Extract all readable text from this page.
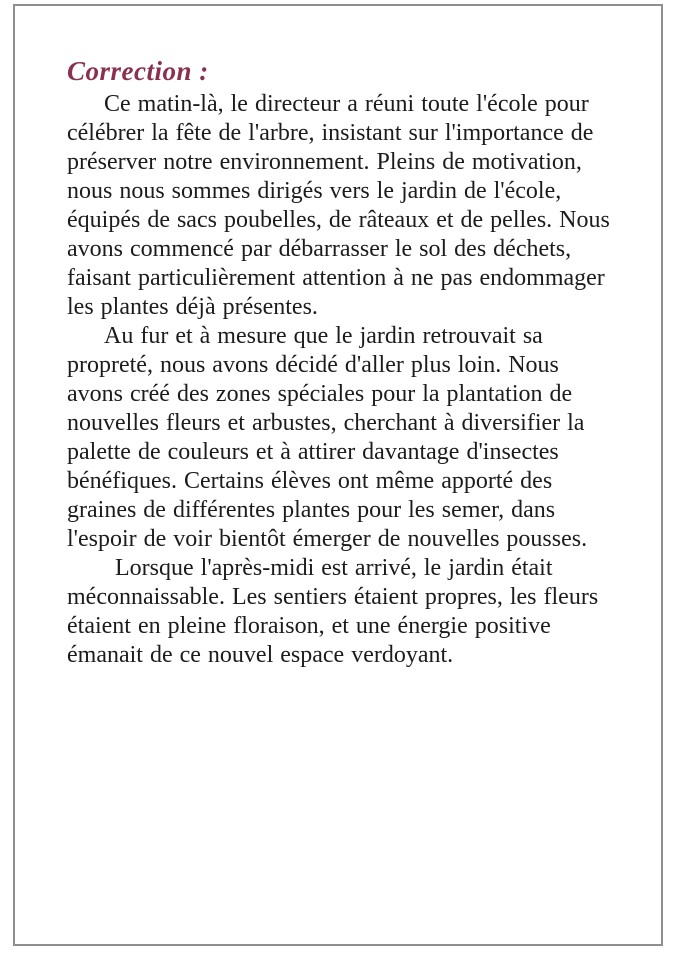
Correction :

Ce matin-là, le directeur a réuni toute l'école pour célébrer la fête de l'arbre, insistant sur l'importance de préserver notre environnement. Pleins de motivation, nous nous sommes dirigés vers le jardin de l'école, équipés de sacs poubelles, de râteaux et de pelles. Nous avons commencé par débarrasser le sol des déchets, faisant particulièrement attention à ne pas endommager les plantes déjà présentes.

Au fur et à mesure que le jardin retrouvait sa propreté, nous avons décidé d'aller plus loin. Nous avons créé des zones spéciales pour la plantation de nouvelles fleurs et arbustes, cherchant à diversifier la palette de couleurs et à attirer davantage d'insectes bénéfiques. Certains élèves ont même apporté des graines de différentes plantes pour les semer, dans l'espoir de voir bientôt émerger de nouvelles pousses.

Lorsque l'après-midi est arrivé, le jardin était méconnaissable. Les sentiers étaient propres, les fleurs étaient en pleine floraison, et une énergie positive émanait de ce nouvel espace verdoyant.
